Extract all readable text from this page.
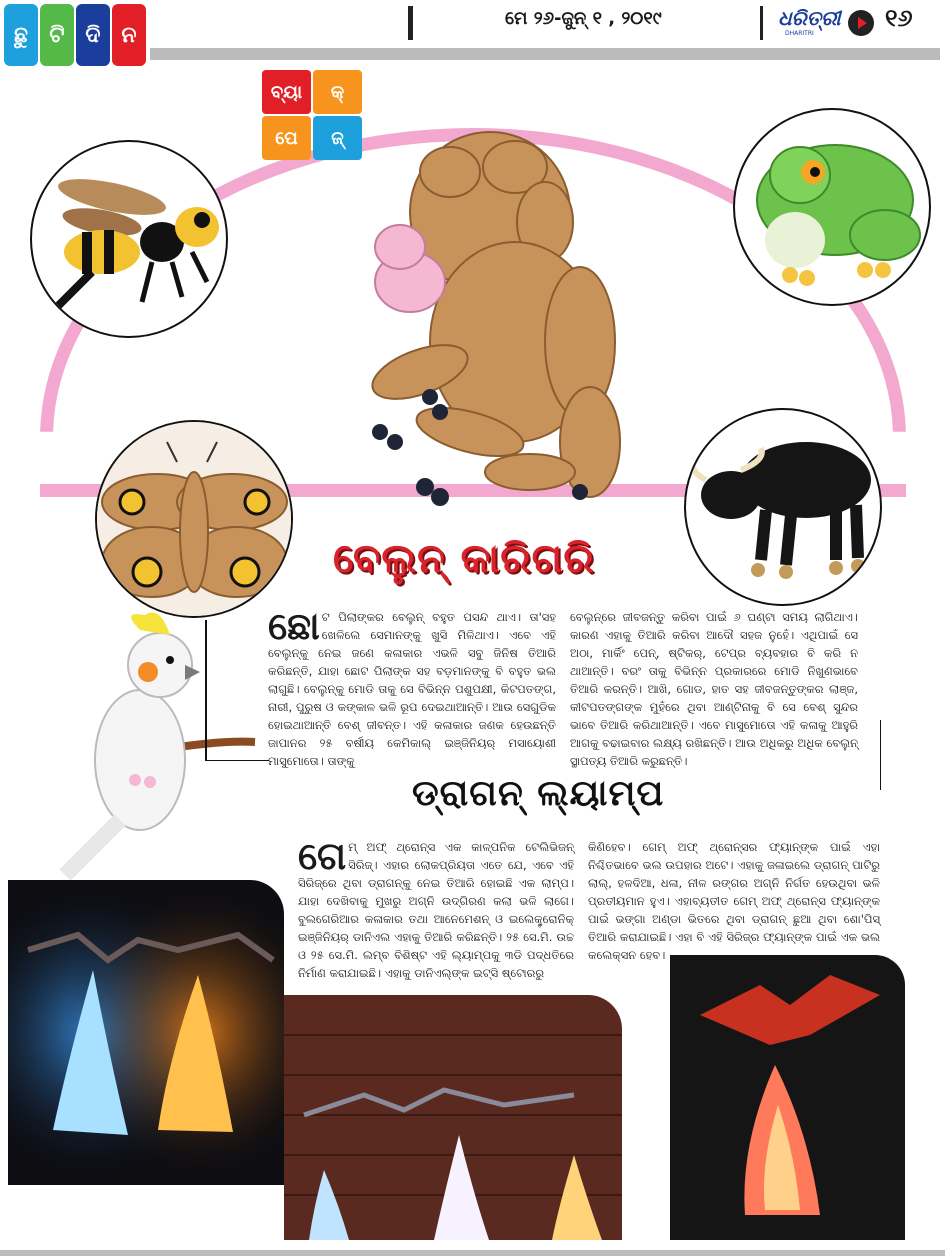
ଛୁ ଟି ଦି ନ
ମେ ୨୬-ଜୁନ୍ ୧ , ୨୦୧୯	ଧରିତ୍ରୀ
DHARITRI
୧୬
ବ୍ୟା	କ୍
ପେ	ଜ୍
ବେଲୁନ୍ କାରିଗରି
ଛୋ ଟ ପିଲାଙ୍କର ବେଲୁନ୍ ବହୁତ ପସନ୍ଦ ଥାଏ। ତା'ସହ ଖେଳିଲେ ସେମାନଙ୍କୁ ଖୁସି ମିଳିଥାଏ। ଏବେ ଏହି ବେଲୁନ୍‌କୁ ନେଇ ଜଣେ କଳାକାର ଏଭଳି ସବୁ ଜିନିଷ ତିଆରି କରିଛନ୍ତି, ଯାହା ଛୋଟ ପିଲାଙ୍କ ସହ ବଡ଼ମାନଙ୍କୁ ବି ବହୁତ ଭଲ ଲାଗୁଛି। ବେଲୁନ୍‌କୁ ମୋଡି ତାକୁ ସେ ବିଭିନ୍ନ ପଶୁପକ୍ଷୀ, କିଟପତଙ୍ଗ, ନାରୀ, ପୁରୁଷ ଓ କଙ୍କାଳ ଭଳି ରୂପ ଦେଇଥାଆନ୍ତି। ଆଉ ସେଗୁଡିକ ହୋଇଥାଆନ୍ତି ବେଶ୍ ଜୀବନ୍ତ। ଏହି କଳାକାର ଜଣକ ହେଉଛନ୍ତି ଜାପାନର ୨୫ ବର୍ଷୀୟ କେମିକାଲ୍ ଇଞ୍ଜିନିୟର୍ ମସାୟୋଶୀ ମାସୁମୋତୋ। ତାଙ୍କୁ
ବେଲୁନ୍‌ରେ ଜୀବଜନ୍ତୁ କରିବା ପାଇଁ ୬ ଘଣ୍ଟା ସମୟ ଲାଗିଥାଏ। କାରଣ ଏହାକୁ ତିଆରି କରିବା ଆଦୌ ସହଜ ନୁହେଁ। ଏଥିପାଇଁ ସେ ଅଠା, ମାର୍କିଂ ପେନ୍, ଷ୍ଟିକର୍, ଟେପ୍‌ର ବ୍ୟବହାର ବି କରି ନ ଥାଆନ୍ତି। ବରଂ ତାକୁ ବିଭିନ୍ନ ପ୍ରକାରରେ ମୋଡି ନିଖୁଣଭାବେ ତିଆରି କରନ୍ତି। ଆଖି, ଗୋଡ, ହାତ ସହ ଜୀବଜନ୍ତୁଙ୍କର ଲାଞ୍ଜ, କୀଟପତଙ୍ଗଙ୍କ ମୁହଁରେ ଥିବା ଆଣ୍ଟିନାକୁ ବି ସେ ବେଶ୍ ସୁନ୍ଦର ଭାବେ ତିଆରି କରିଥାଆନ୍ତି। ଏବେ ମାସୁମୋତୋ ଏହି କଳାକୁ ଆହୁରି ଆଗକୁ ବଢାଇବାର ଲକ୍ଷ୍ୟ ରଖିଛନ୍ତି। ଆଉ ଅଧିକରୁ ଅଧିକ ବେଲୁନ୍ ସ୍ଥାପତ୍ୟ ତିଆରି କରୁଛନ୍ତି।
ଡ୍ରାଗନ୍ ଲ୍ୟାମ୍ପ
ଗେ ମ୍ ଅଫ୍ ଥ୍ରୋନ୍ସ ଏକ କାଳ୍ପନିକ ଟେଲିଭିଜନ୍ ସିରିଜ୍। ଏହାର ଲୋକପ୍ରିୟତା ଏତେ ଯେ, ଏବେ ଏହି ସିରିଜ୍‌ରେ ଥିବା ଡ୍ରାଗନ୍‌କୁ ନେଇ ତିଆରି ହୋଇଛି ଏକ ଲାମ୍ପ। ଯାହା ଦେଖିବାକୁ ମୁଖରୁ ଅଗ୍ନି ଉଦ୍‌ଗିରଣ କଲା ଭଳି ଲାଗେ। ବୁଲଗେରିଆର କଳାକାର ତଥା ଆନେମେଶନ୍ ଓ ଇଲେକ୍ଟ୍ରୋନିକ୍ ଇଞ୍ଜିନିୟର୍ ଡାନିଏଲ ଏହାକୁ ତିଆରି କରିଛନ୍ତି। ୨୫ ସେ.ମି. ଉଚ୍ଚ ଓ ୨୫ ସେ.ମି. ଲମ୍ବ ବିଶିଷ୍ଟ ଏହି ଲ୍ୟାମ୍ପକୁ ୩ଡି ପଦ୍ଧତିରେ ନିର୍ମାଣ କରାଯାଇଛି। ଏହାକୁ ଡାନିଏଲ୍‌ଙ୍କ ଇଟ୍‌ସି ଷ୍ଟୋରରୁ
କିଣିହେବ। ଗେମ୍ ଅଫ୍ ଥ୍ରୋନ୍ସର ଫ୍ୟାନ୍‌ଙ୍କ ପାଇଁ ଏହା ନିଶ୍ଚିତଭାବେ ଭଲ ଉପହାର ଅଟେ। ଏହାକୁ ଜଳାଇଲେ ଡ୍ରାଗନ୍ ପାଟିରୁ ଲାଲ୍, ହଳଦିଆ, ଧଳା, ନୀଳ ରଙ୍ଗର ଅଗ୍ନି ନିର୍ଗତ ହେଉଥିବା ଭଳି ପ୍ରତୀୟମାନ ହୁଏ। ଏହାବ୍ୟତୀତ ଗେମ୍ ଅଫ୍ ଥ୍ରୋନ୍ସ ଫ୍ୟାନ୍‌ଙ୍କ ପାଇଁ ଭଙ୍ଗା ଅଣ୍ଡା ଭିତରେ ଥିବା ଡ୍ରାଗନ୍ ଛୁଆ ଥିବା ଶୋ'ପିସ୍ ତିଆରି କରାଯାଇଛି। ଏହା ବି ଏହି ସିରିଜ୍‌ର ଫ୍ୟାନ୍‌ଙ୍କ ପାଇଁ ଏକ ଭଲ କଲେକ୍ସନ ହେବ।
